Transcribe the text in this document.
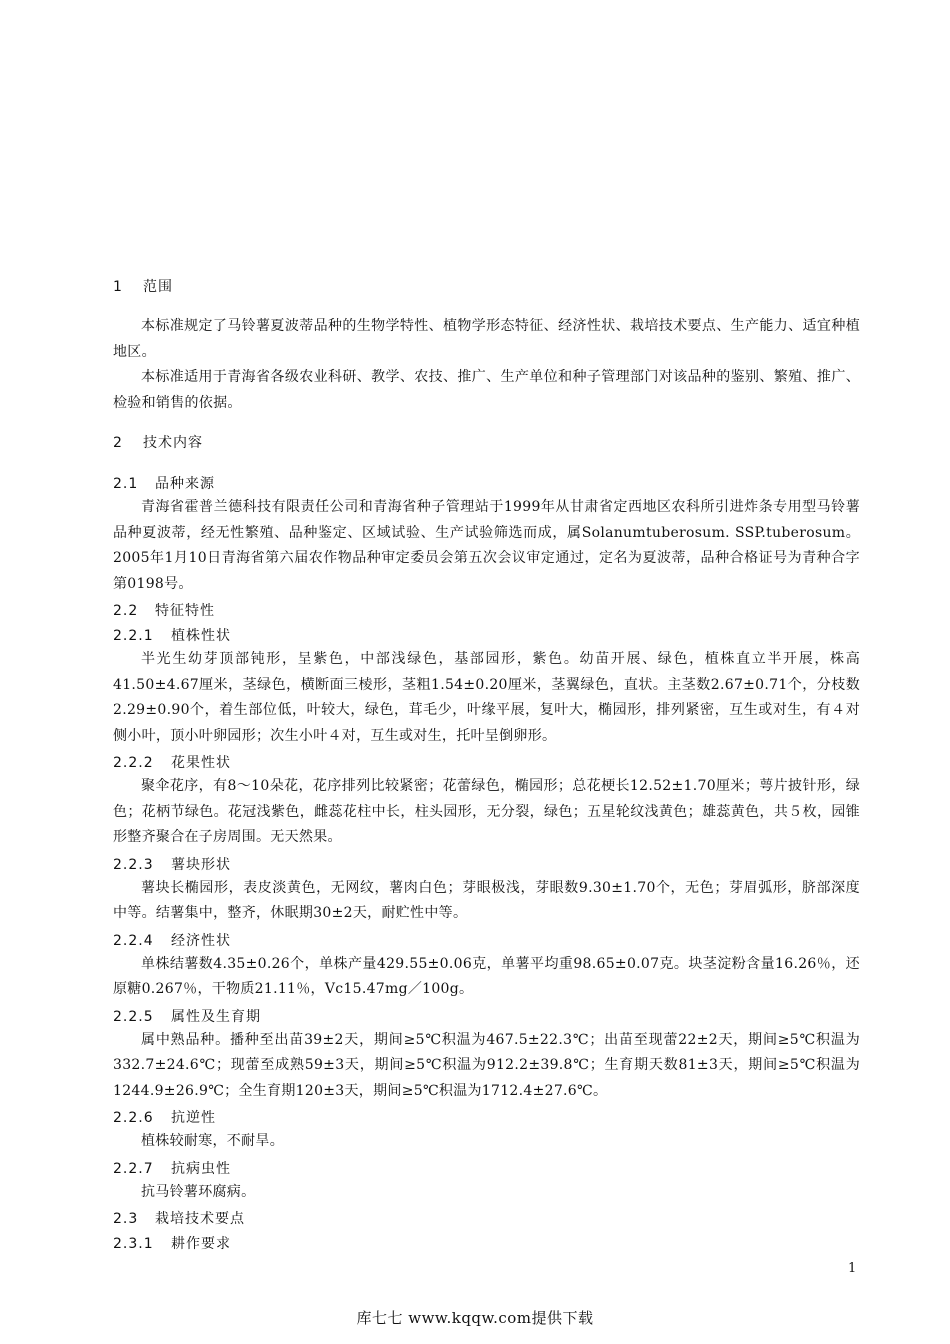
1 范围

本标准规定了马铃薯夏波蒂品种的生物学特性、植物学形态特征、经济性状、栽培技术要点、生产能力、适宜种植地区。

本标准适用于青海省各级农业科研、教学、农技、推广、生产单位和种子管理部门对该品种的鉴别、繁殖、推广、检验和销售的依据。

2 技术内容
2.1 品种来源

青海省霍普兰德科技有限责任公司和青海省种子管理站于1999年从甘肃省定西地区农科所引进炸条专用型马铃薯品种夏波蒂，经无性繁殖、品种鉴定、区域试验、生产试验筛选而成，属Solanumtuberosum. SSP.tuberosum。2005年1月10日青海省第六届农作物品种审定委员会第五次会议审定通过，定名为夏波蒂，品种合格证号为青种合字第0198号。

2.2 特征特性
2.2.1 植株性状

半光生幼芽顶部钝形，呈紫色，中部浅绿色，基部园形，紫色。幼苗开展、绿色，植株直立半开展，株高41.50±4.67厘米，茎绿色，横断面三棱形，茎粗1.54±0.20厘米，茎翼绿色，直状。主茎数2.67±0.71个，分枝数2.29±0.90个，着生部位低，叶较大，绿色，茸毛少，叶缘平展，复叶大，椭园形，排列紧密，互生或对生，有４对侧小叶，顶小叶卵园形；次生小叶４对，互生或对生，托叶呈倒卵形。

2.2.2 花果性状

聚伞花序，有8～10朵花，花序排列比较紧密；花蕾绿色，椭园形；总花梗长12.52±1.70厘米；萼片披针形，绿色；花柄节绿色。花冠浅紫色，雌蕊花柱中长，柱头园形，无分裂，绿色；五星轮纹浅黄色；雄蕊黄色，共５枚，园锥形整齐聚合在子房周围。无天然果。

2.2.3 薯块形状

薯块长椭园形，表皮淡黄色，无网纹，薯肉白色；芽眼极浅，芽眼数9.30±1.70个，无色；芽眉弧形，脐部深度中等。结薯集中，整齐，休眠期30±2天，耐贮性中等。

2.2.4 经济性状

单株结薯数4.35±0.26个，单株产量429.55±0.06克，单薯平均重98.65±0.07克。块茎淀粉含量16.26％，还原糖0.267％，干物质21.11％，Vc15.47mg／100g。

2.2.5 属性及生育期

属中熟品种。播种至出苗39±2天，期间≥5℃积温为467.5±22.3℃；出苗至现蕾22±2天，期间≥5℃积温为332.7±24.6℃；现蕾至成熟59±3天，期间≥5℃积温为912.2±39.8℃；生育期天数81±3天，期间≥5℃积温为1244.9±26.9℃；全生育期120±3天，期间≥5℃积温为1712.4±27.6℃。

2.2.6 抗逆性

植株较耐寒，不耐旱。

2.2.7 抗病虫性

抗马铃薯环腐病。

2.3 栽培技术要点
2.3.1 耕作要求
1
库七七 www.kqqw.com提供下载
